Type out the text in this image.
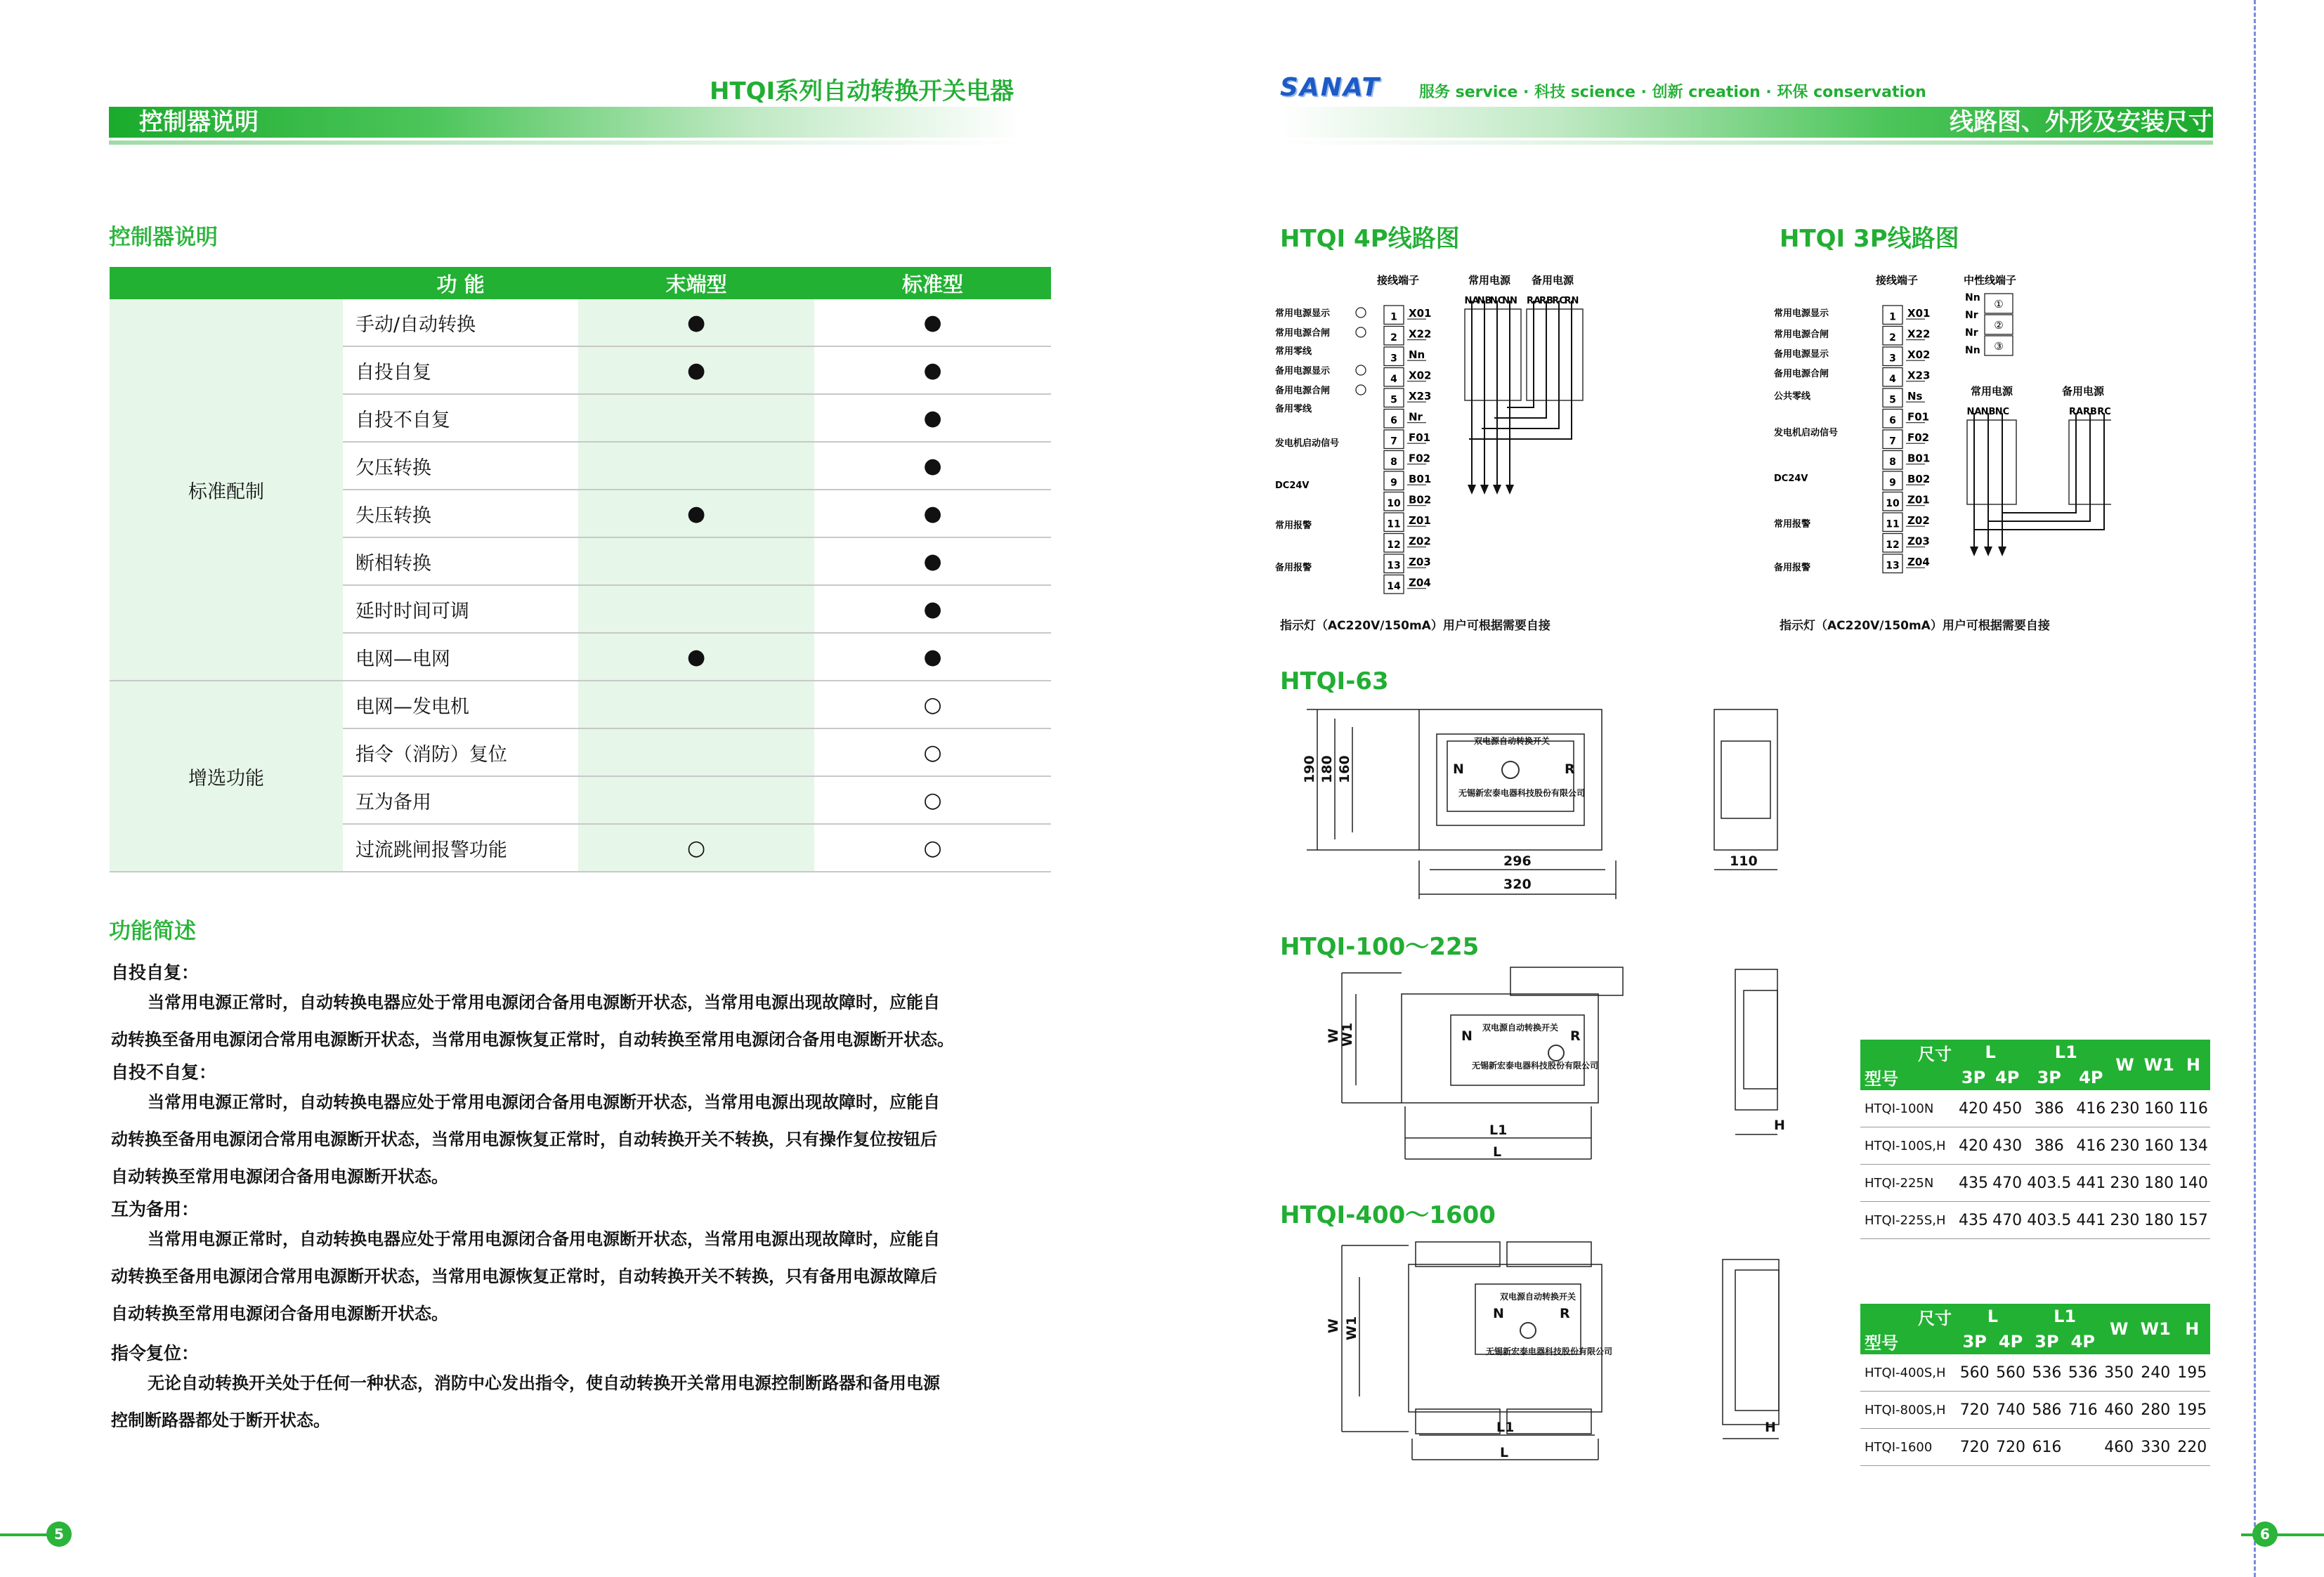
HTQI系列自动转换开关电器
控制器说明
控制器说明
	功 能	末端型	标准型
标准配制	手动/自动转换	●	●
	自投自复	●	●
	自投不自复		●
	欠压转换		●
	失压转换	●	●
	断相转换		●
	延时时间可调		●
	电网—电网	●	●
增选功能	电网—发电机		○
	指令（消防）复位		○
	互为备用		○
	过流跳闸报警功能	○	○
功能简述
自投自复：
当常用电源正常时，自动转换电器应处于常用电源闭合备用电源断开状态，当常用电源出现故障时，应能自
动转换至备用电源闭合常用电源断开状态，当常用电源恢复正常时，自动转换至常用电源闭合备用电源断开状态。
自投不自复：
当常用电源正常时，自动转换电器应处于常用电源闭合备用电源断开状态，当常用电源出现故障时，应能自
动转换至备用电源闭合常用电源断开状态，当常用电源恢复正常时，自动转换开关不转换，只有操作复位按钮后
自动转换至常用电源闭合备用电源断开状态。
互为备用：
当常用电源正常时，自动转换电器应处于常用电源闭合备用电源断开状态，当常用电源出现故障时，应能自
动转换至备用电源闭合常用电源断开状态，当常用电源恢复正常时，自动转换开关不转换，只有备用电源故障后
自动转换至常用电源闭合备用电源断开状态。
指令复位：
无论自动转换开关处于任何一种状态，消防中心发出指令，使自动转换开关常用电源控制断路器和备用电源
控制断路器都处于断开状态。
5
SANAT	服务 service · 科技 science · 创新 creation · 环保 conservation
线路图、外形及安装尺寸
HTQⅠ 4P线路图	HTQⅠ 3P线路图
接线端子	常用电源 备用电源
1 X01
2 X22
3 Nn
4 X02
5 X23
6 Nr
7 F01
8 F02
9 B01
10 B02
11 Z01
12 Z02
13 Z03
14 Z04
常用电源显示
常用电源合闸
常用零线
备用电源显示
备用电源合闸
备用零线
发电机启动信号
DC24V
常用报警
备用报警
NA
NB
NC
NN RA
RB
RC
RN
指示灯（AC220V/150mA）用户可根据需要自接
接线端子	中性线端子
常用电源	备用电源
1 X01
2 X22
3 X02
4 X23
5 Ns
6 F01
7 F02
8 B01
9 B02
10 Z01
11 Z02
12 Z03
13 Z04
常用电源显示
常用电源合闸
备用电源显示
备用电源合闸
公共零线
发电机启动信号
DC24V
常用报警
备用报警
①
②
③
Nn
Nr
Nr
Nn
NA NB NC	RA RB RC
指示灯（AC220V/150mA）用户可根据需要自接
HTQⅠ-63
双电源自动转换开关
N	R
无锡新宏泰电器科技股份有限公司
190 180 160
296
320
110
HTQⅠ-100～225
双电源自动转换开关
N	R
无锡新宏泰电器科技股份有限公司
W
W1
L1
L
H
HTQⅠ-400～1600
双电源自动转换开关
N	R
无锡新宏泰电器科技股份有限公司
W W1
L1
L
H
尺寸
型号	L		L1		W	W1	H
	3P	4P	3P	4P			
HTQⅠ-100N	420	450	386	416	230	160	116
HTQⅠ-100S,H	420	430	386	416	230	160	134
HTQⅠ-225N	435	470	403.5	441	230	180	140
HTQⅠ-225S,H	435	470	403.5	441	230	180	157
尺寸
型号	L		L1		W	W1	H
	3P	4P	3P	4P			
HTQⅠ-400S,H	560	560	536	536	350	240	195
HTQⅠ-800S,H	720	740	586	716	460	280	195
HTQⅠ-1600	720	720	616		460	330	220
6
